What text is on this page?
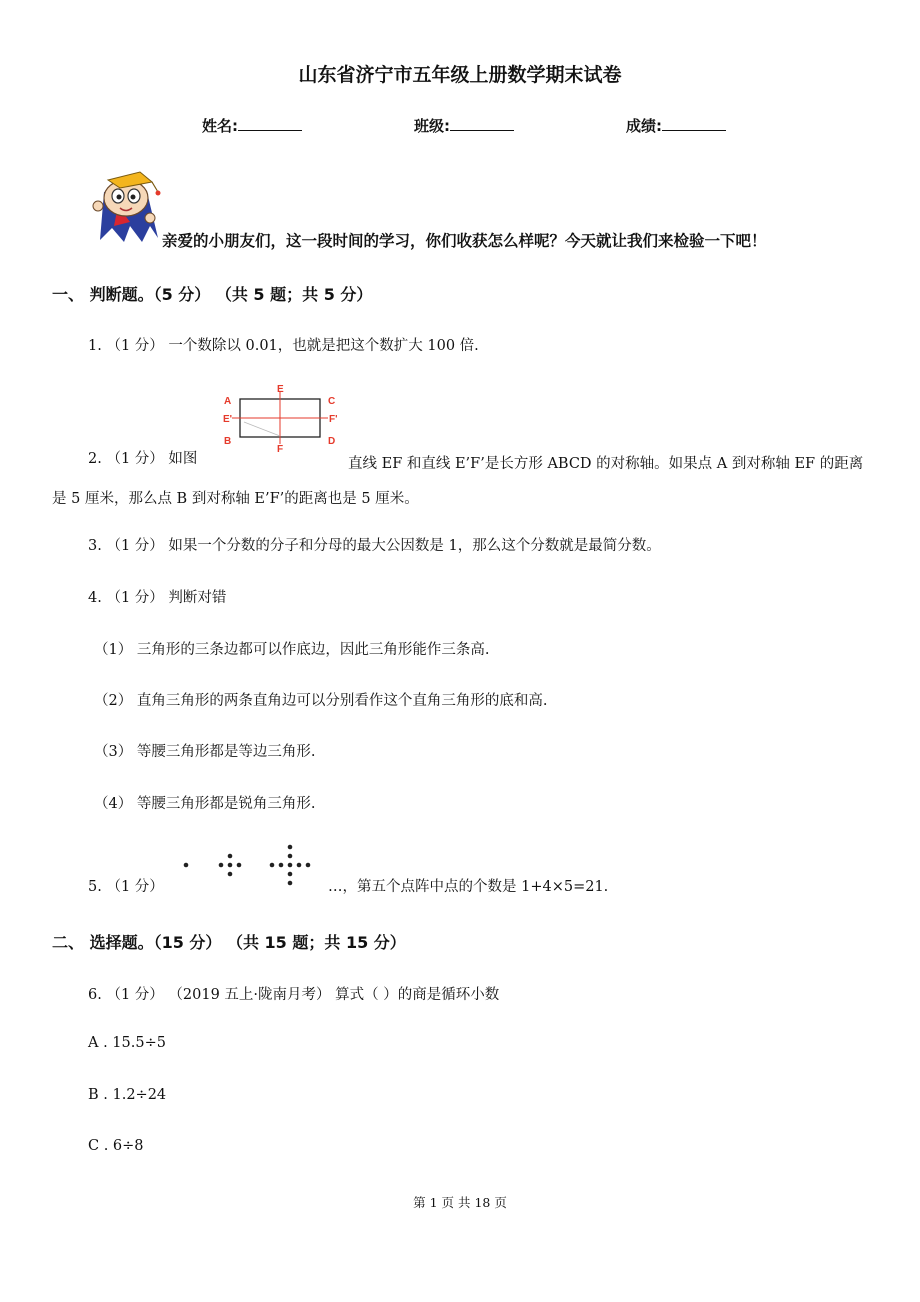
山东省济宁市五年级上册数学期末试卷
姓名:	班级:	成绩:
亲爱的小朋友们，这一段时间的学习，你们收获怎么样呢？今天就让我们来检验一下吧！
一、 判断题。（5 分） （共 5 题；共 5 分）
1. （1 分） 一个数除以 0.01，也就是把这个数扩大 100 倍.
E
F
A
B
C
D
E'	F'
2. （1 分） 如图	直线 EF 和直线 E’F’是长方形 ABCD 的对称轴。如果点 A 到对称轴 EF 的距离是 5 厘米，那么点 B 到对称轴 E’F’的距离也是 5 厘米。
3. （1 分） 如果一个分数的分子和分母的最大公因数是 1，那么这个分数就是最简分数。
4. （1 分） 判断对错
（1） 三角形的三条边都可以作底边，因此三角形能作三条高.
（2） 直角三角形的两条直角边可以分别看作这个直角三角形的底和高.
（3） 等腰三角形都是等边三角形.
（4） 等腰三角形都是锐角三角形.
5. （1 分）	…，第五个点阵中点的个数是 1+4×5=21.
二、 选择题。（15 分） （共 15 题；共 15 分）
6. （1 分） （2019 五上·陇南月考） 算式（ ）的商是循环小数
A . 15.5÷5
B . 1.2÷24
C . 6÷8
第 1 页 共 18 页
